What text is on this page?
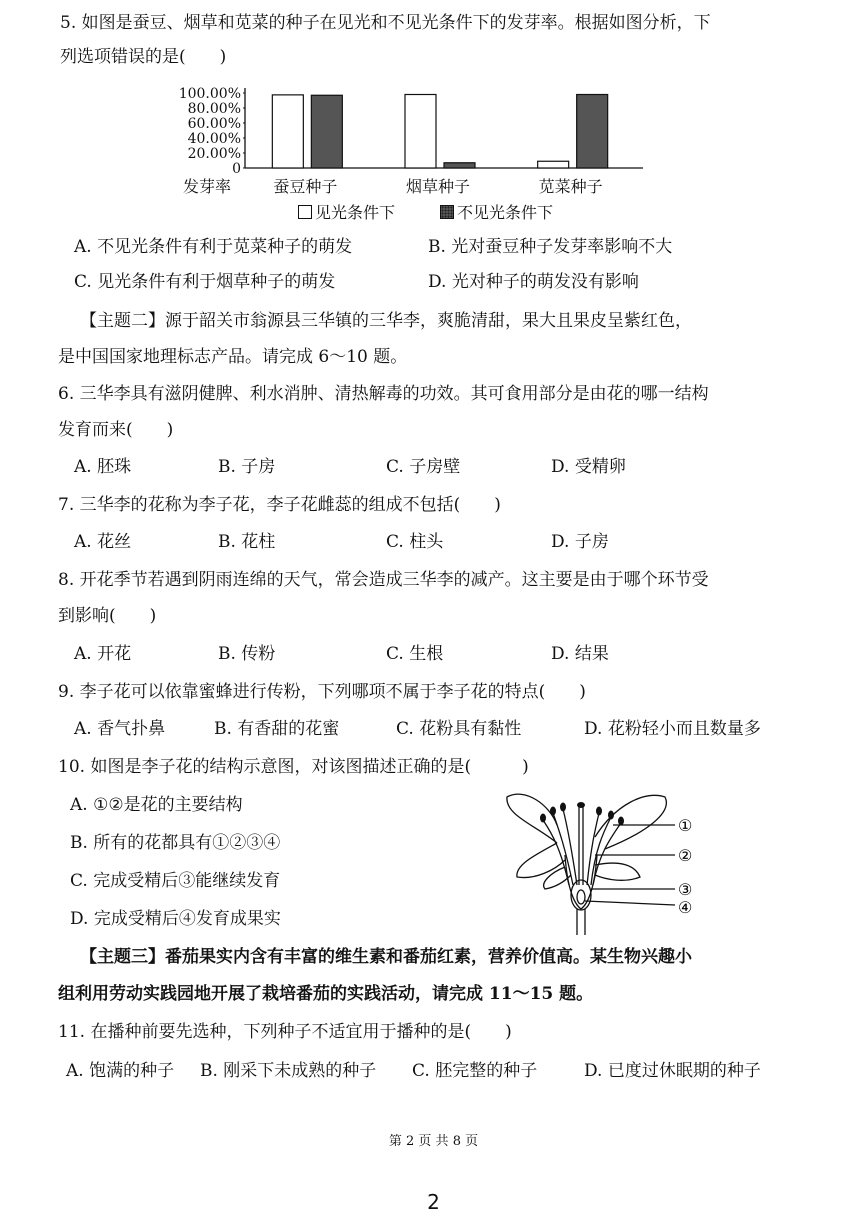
5. 如图是蚕豆、烟草和苋菜的种子在见光和不见光条件下的发芽率。根据如图分析，下
列选项错误的是(　　)
0
20.00%
40.00%
60.00%
80.00%
100.00%
发芽率	蚕豆种子	烟草种子	苋菜种子
见光条件下	不见光条件下
A. 不见光条件有利于苋菜种子的萌发	B. 光对蚕豆种子发芽率影响不大
C. 见光条件有利于烟草种子的萌发	D. 光对种子的萌发没有影响
【主题二】源于韶关市翁源县三华镇的三华李，爽脆清甜，果大且果皮呈紫红色，
是中国国家地理标志产品。请完成 6～10 题。
6. 三华李具有滋阴健脾、利水消肿、清热解毒的功效。其可食用部分是由花的哪一结构
发育而来(　　)
A. 胚珠	B. 子房	C. 子房壁	D. 受精卵
7. 三华李的花称为李子花，李子花雌蕊的组成不包括(　　)
A. 花丝	B. 花柱	C. 柱头	D. 子房
8. 开花季节若遇到阴雨连绵的天气，常会造成三华李的减产。这主要是由于哪个环节受
到影响(　　)
A. 开花	B. 传粉	C. 生根	D. 结果
9. 李子花可以依靠蜜蜂进行传粉，下列哪项不属于李子花的特点(　　)
A. 香气扑鼻	B. 有香甜的花蜜	C. 花粉具有黏性	D. 花粉轻小而且数量多
10. 如图是李子花的结构示意图，对该图描述正确的是(　　　)
A. ①②是花的主要结构
B. 所有的花都具有①②③④
C. 完成受精后③能继续发育
D. 完成受精后④发育成果实
①
②
③
④
【主题三】番茄果实内含有丰富的维生素和番茄红素，营养价值高。某生物兴趣小
组利用劳动实践园地开展了栽培番茄的实践活动，请完成 11～15 题。
11. 在播种前要先选种，下列种子不适宜用于播种的是(　　)
A. 饱满的种子 B. 刚采下未成熟的种子 C. 胚完整的种子	D. 已度过休眠期的种子
第 2 页 共 8 页
2
